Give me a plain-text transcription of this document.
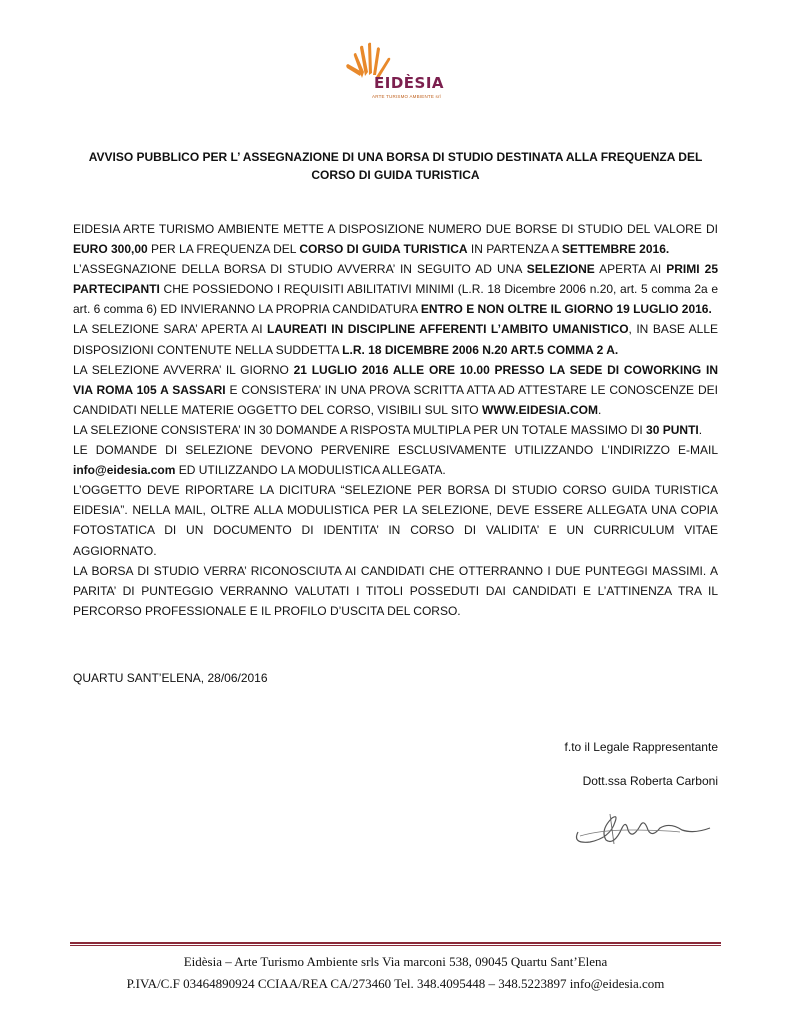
EIDÈSIA
ARTE TURISMO AMBIENTE srl
AVVISO PUBBLICO PER L’ ASSEGNAZIONE DI UNA BORSA DI STUDIO DESTINATA ALLA FREQUENZA DEL
CORSO DI GUIDA TURISTICA

EIDESIA ARTE TURISMO AMBIENTE METTE A DISPOSIZIONE NUMERO DUE BORSE DI STUDIO DEL VALORE DI EURO 300,00 PER LA FREQUENZA DEL CORSO DI GUIDA TURISTICA IN PARTENZA A SETTEMBRE 2016.

L’ASSEGNAZIONE DELLA BORSA DI STUDIO AVVERRA’ IN SEGUITO AD UNA SELEZIONE APERTA AI PRIMI 25 PARTECIPANTI CHE POSSIEDONO I REQUISITI ABILITATIVI MINIMI (L.R. 18 Dicembre 2006 n.20, art. 5 comma 2a e art. 6 comma 6) ED INVIERANNO LA PROPRIA CANDIDATURA ENTRO E NON OLTRE IL GIORNO 19 LUGLIO 2016.

LA SELEZIONE SARA’ APERTA AI LAUREATI IN DISCIPLINE AFFERENTI L’AMBITO UMANISTICO, IN BASE ALLE DISPOSIZIONI CONTENUTE NELLA SUDDETTA L.R. 18 DICEMBRE 2006 N.20 ART.5 COMMA 2 A.

LA SELEZIONE AVVERRA’ IL GIORNO 21 LUGLIO 2016 ALLE ORE 10.00 PRESSO LA SEDE DI COWORKING IN VIA ROMA 105 A SASSARI E CONSISTERA’ IN UNA PROVA SCRITTA ATTA AD ATTESTARE LE CONOSCENZE DEI CANDIDATI NELLE MATERIE OGGETTO DEL CORSO, VISIBILI SUL SITO WWW.EIDESIA.COM.

LA SELEZIONE CONSISTERA’ IN 30 DOMANDE A RISPOSTA MULTIPLA PER UN TOTALE MASSIMO DI 30 PUNTI.

LE DOMANDE DI SELEZIONE DEVONO PERVENIRE ESCLUSIVAMENTE UTILIZZANDO L’INDIRIZZO E-MAIL info@eidesia.com ED UTILIZZANDO LA MODULISTICA ALLEGATA.

L’OGGETTO DEVE RIPORTARE LA DICITURA “SELEZIONE PER BORSA DI STUDIO CORSO GUIDA TURISTICA EIDESIA”. NELLA MAIL, OLTRE ALLA MODULISTICA PER LA SELEZIONE, DEVE ESSERE ALLEGATA UNA COPIA FOTOSTATICA DI UN DOCUMENTO DI IDENTITA’ IN CORSO DI VALIDITA’ E UN CURRICULUM VITAE AGGIORNATO.

LA BORSA DI STUDIO VERRA’ RICONOSCIUTA AI CANDIDATI CHE OTTERRANNO I DUE PUNTEGGI MASSIMI. A PARITA’ DI PUNTEGGIO VERRANNO VALUTATI I TITOLI POSSEDUTI DAI CANDIDATI E L’ATTINENZA TRA IL PERCORSO PROFESSIONALE E IL PROFILO D’USCITA DEL CORSO.

QUARTU SANT’ELENA, 28/06/2016
f.to il Legale Rappresentante
Dott.ssa Roberta Carboni
Eidèsia – Arte Turismo Ambiente srls Via marconi 538, 09045 Quartu Sant’Elena
P.IVA/C.F 03464890924 CCIAA/REA CA/273460 Tel. 348.4095448 – 348.5223897 info@eidesia.com
